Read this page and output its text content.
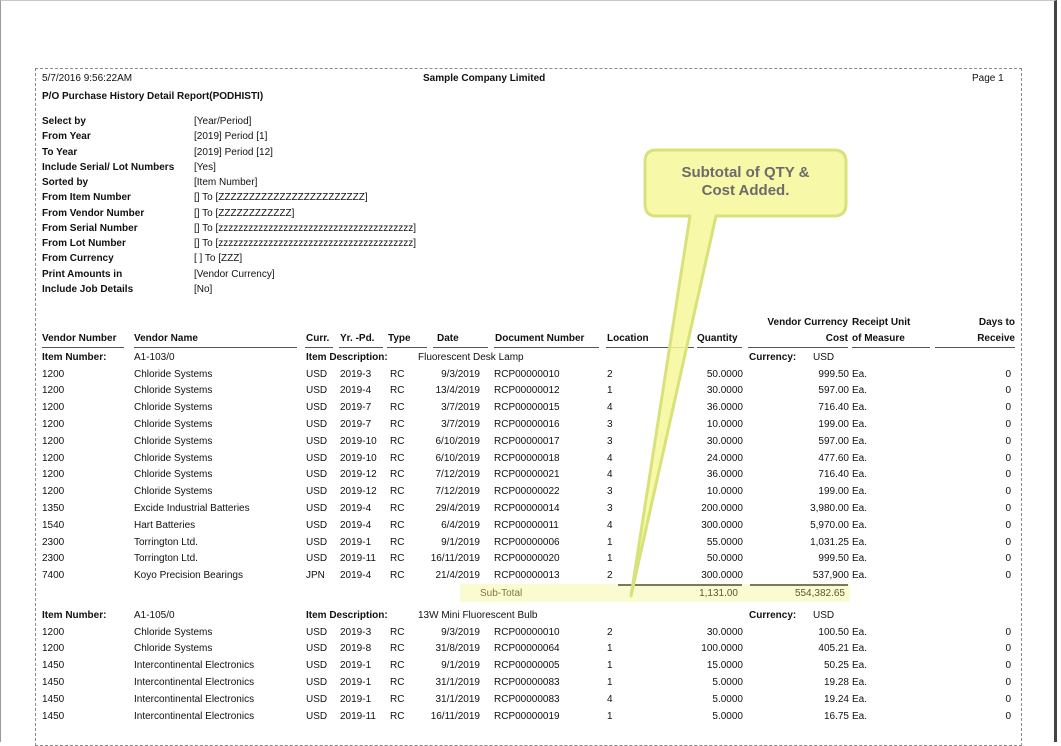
5/7/2016 9:56:22AM	Sample Company Limited	Page 1
P/O Purchase History Detail Report(PODHISTI)
Select by	[Year/Period]
From Year	[2019] Period [1]
To Year	[2019] Period [12]
Include Serial/ Lot Numbers [Yes]
Sorted by	[Item Number]
From Item Number	[] To [ZZZZZZZZZZZZZZZZZZZZZZZZ]
From Vendor Number	[] To [ZZZZZZZZZZZZ]
From Serial Number	[] To [zzzzzzzzzzzzzzzzzzzzzzzzzzzzzzzzzzzzzzz]
From Lot Number	[] To [zzzzzzzzzzzzzzzzzzzzzzzzzzzzzzzzzzzzzzz]
From Currency	[ ] To [ZZZ]
Print Amounts in	[Vendor Currency]
Include Job Details	[No]
Vendor Number Vendor Name	Curr. Yr. -Pd. Type	Date	Document Number Location	Quantity
Vendor Currency
Cost
Receipt Unit
of Measure
Days to
Receive
Item Number:	A1-103/0	Item Description:	Fluorescent Desk Lamp	Currency: USD
1200	Chloride Systems	USD 2019-3 RC	9/3/2019 RCP00000010	2	50.0000	999.50 Ea.	0
1200	Chloride Systems	USD 2019-4 RC	13/4/2019 RCP00000012	1	30.0000	597.00 Ea.	0
1200	Chloride Systems	USD 2019-7 RC	3/7/2019 RCP00000015	4	36.0000	716.40 Ea.	0
1200	Chloride Systems	USD 2019-7 RC	3/7/2019 RCP00000016	3	10.0000	199.00 Ea.	0
1200	Chloride Systems	USD 2019-10 RC	6/10/2019 RCP00000017	3	30.0000	597.00 Ea.	0
1200	Chloride Systems	USD 2019-10 RC	6/10/2019 RCP00000018	4	24.0000	477.60 Ea.	0
1200	Chloride Systems	USD 2019-12 RC	7/12/2019 RCP00000021	4	36.0000	716.40 Ea.	0
1200	Chloride Systems	USD 2019-12 RC	7/12/2019 RCP00000022	3	10.0000	199.00 Ea.	0
1350	Excide Industrial Batteries	USD 2019-4 RC	29/4/2019 RCP00000014	3	200.0000	3,980.00 Ea.	0
1540	Hart Batteries	USD 2019-4 RC	6/4/2019 RCP00000011	4	300.0000	5,970.00 Ea.	0
2300	Torrington Ltd.	USD 2019-1 RC	9/1/2019 RCP00000006	1	55.0000	1,031.25 Ea.	0
2300	Torrington Ltd.	USD 2019-11 RC	16/11/2019 RCP00000020	1	50.0000	999.50 Ea.	0
7400	Koyo Precision Bearings	JPN 2019-4 RC	21/4/2019 RCP00000013	2	300.0000	537,900 Ea.	0
Sub-Total	1,131.00	554,382.65
Item Number:	A1-105/0	Item Description:	13W Mini Fluorescent Bulb	Currency: USD
1200	Chloride Systems	USD 2019-3 RC	9/3/2019 RCP00000010	2	30.0000	100.50 Ea.	0
1200	Chloride Systems	USD 2019-8 RC	31/8/2019 RCP00000064	1	100.0000	405.21 Ea.	0
1450	Intercontinental Electronics	USD 2019-1 RC	9/1/2019 RCP00000005	1	15.0000	50.25 Ea.	0
1450	Intercontinental Electronics	USD 2019-1 RC	31/1/2019 RCP00000083	1	5.0000	19.28 Ea.	0
1450	Intercontinental Electronics	USD 2019-1 RC	31/1/2019 RCP00000083	4	5.0000	19.24 Ea.	0
1450	Intercontinental Electronics	USD 2019-11 RC	16/11/2019 RCP00000019	1	5.0000	16.75 Ea.	0
Subtotal of QTY &
Cost Added.
